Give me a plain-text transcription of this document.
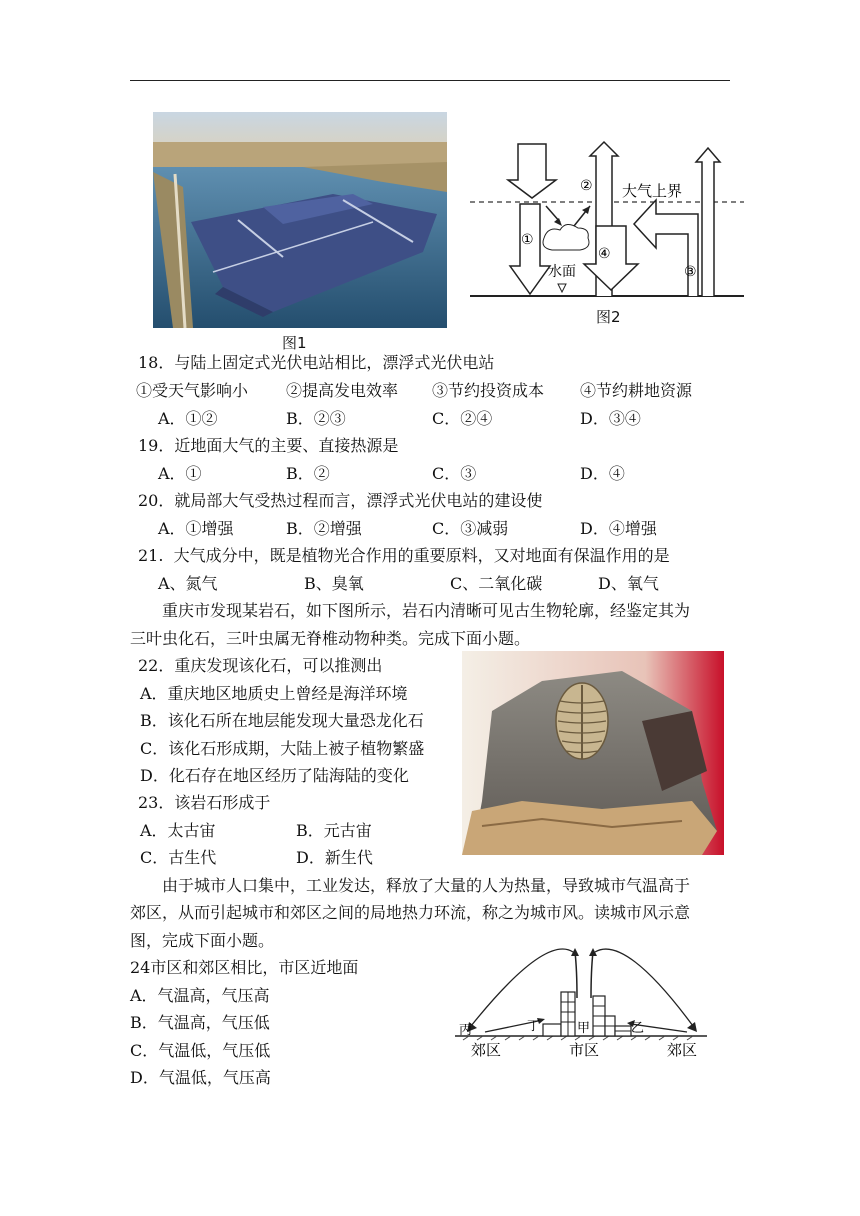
图1
①
②
③
④
大气上界
水面
图2
18．与陆上固定式光伏电站相比，漂浮式光伏电站
①受天气影响小 ②提高发电效率 ③节约投资成本 ④节约耕地资源
A．①②	B．②③	C．②④	D．③④
19．近地面大气的主要、直接热源是
A．①	B．②	C．③	D．④
20．就局部大气受热过程而言，漂浮式光伏电站的建设使
A．①增强	B．②增强	C．③减弱	D．④增强
21.  大气成分中，既是植物光合作用的重要原料，又对地面有保温作用的是
A、氮气	B、臭氧	C、二氧化碳	D、氧气
重庆市发现某岩石，如下图所示，岩石内清晰可见古生物轮廓，经鉴定其为
三叶虫化石，三叶虫属无脊椎动物种类。完成下面小题。
22．重庆发现该化石，可以推测出
A．重庆地区地质史上曾经是海洋环境
B．该化石所在地层能发现大量恐龙化石
C．该化石形成期，大陆上被子植物繁盛
D．化石存在地区经历了陆海陆的变化
23．该岩石形成于
A．太古宙	B．元古宙
C．古生代	D．新生代
由于城市人口集中，工业发达，释放了大量的人为热量，导致城市气温高于
郊区，从而引起城市和郊区之间的局地热力环流，称之为城市风。读城市风示意
图，完成下面小题。
24市区和郊区相比，市区近地面
A．气温高，气压高
B．气温高，气压低
C．气温低，气压低
D．气温低，气压高
丙	丁	甲	乙
郊区	市区	郊区
